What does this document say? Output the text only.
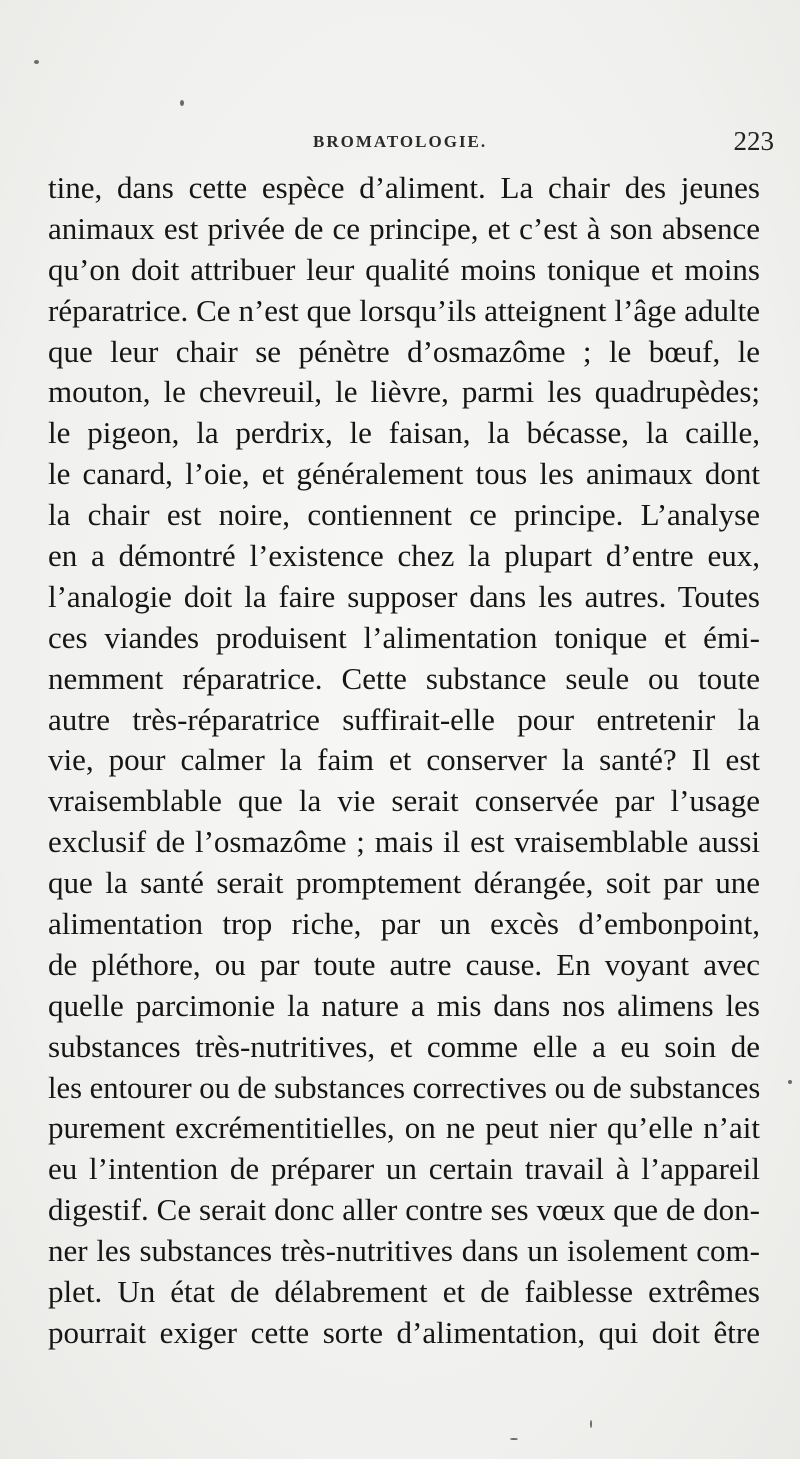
BROMATOLOGIE.	223
tine, dans cette espèce d’aliment. La chair des jeunes
animaux est privée de ce principe, et c’est à son absence
qu’on doit attribuer leur qualité moins tonique et moins
réparatrice. Ce n’est que lorsqu’ils atteignent l’âge adulte
que leur chair se pénètre d’osmazôme ; le bœuf, le
mouton, le chevreuil, le lièvre, parmi les quadrupèdes;
le pigeon, la perdrix, le faisan, la bécasse, la caille,
le canard, l’oie, et généralement tous les animaux dont
la chair est noire, contiennent ce principe. L’analyse
en a démontré l’existence chez la plupart d’entre eux,
l’analogie doit la faire supposer dans les autres. Toutes
ces viandes produisent l’alimentation tonique et émi-
nemment réparatrice. Cette substance seule ou toute
autre très-réparatrice suffirait-elle pour entretenir la
vie, pour calmer la faim et conserver la santé? Il est
vraisemblable que la vie serait conservée par l’usage
exclusif de l’osmazôme ; mais il est vraisemblable aussi
que la santé serait promptement dérangée, soit par une
alimentation trop riche, par un excès d’embonpoint,
de pléthore, ou par toute autre cause. En voyant avec
quelle parcimonie la nature a mis dans nos alimens les
substances très-nutritives, et comme elle a eu soin de
les entourer ou de substances correctives ou de substances
purement excrémentitielles, on ne peut nier qu’elle n’ait
eu l’intention de préparer un certain travail à l’appareil
digestif. Ce serait donc aller contre ses vœux que de don-
ner les substances très-nutritives dans un isolement com-
plet. Un état de délabrement et de faiblesse extrêmes
pourrait exiger cette sorte d’alimentation, qui doit être
